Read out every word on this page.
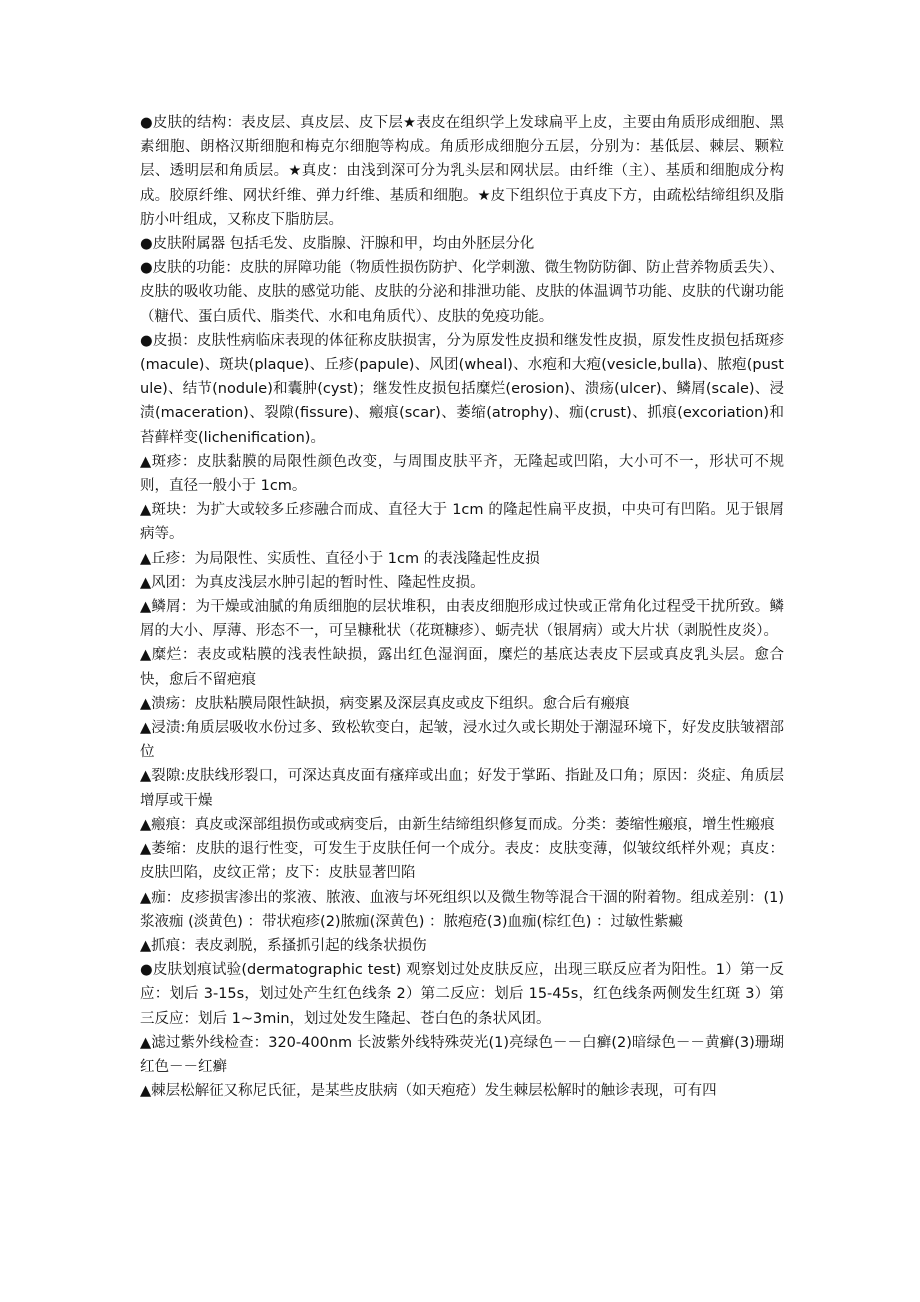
●皮肤的结构：表皮层、真皮层、皮下层★表皮在组织学上发球扁平上皮，主要由角质形成细胞、黑素细胞、朗格汉斯细胞和梅克尔细胞等构成。角质形成细胞分五层，分别为：基低层、棘层、颗粒层、透明层和角质层。★真皮：由浅到深可分为乳头层和网状层。由纤维（主）、基质和细胞成分构成。胶原纤维、网状纤维、弹力纤维、基质和细胞。★皮下组织位于真皮下方，由疏松结缔组织及脂肪小叶组成，又称皮下脂肪层。

●皮肤附属器 包括毛发、皮脂腺、汗腺和甲，均由外胚层分化

●皮肤的功能：皮肤的屏障功能（物质性损伤防护、化学刺激、微生物防防御、防止营养物质丢失）、皮肤的吸收功能、皮肤的感觉功能、皮肤的分泌和排泄功能、皮肤的体温调节功能、皮肤的代谢功能（糖代、蛋白质代、脂类代、水和电角质代）、皮肤的免疫功能。

●皮损：皮肤性病临床表现的体征称皮肤损害，分为原发性皮损和继发性皮损，原发性皮损包括斑疹(macule)、斑块(plaque)、丘疹(papule)、风团(wheal)、水疱和大疱(vesicle,bulla)、脓疱(pustule)、结节(nodule)和囊肿(cyst)；继发性皮损包括糜烂(erosion)、溃疡(ulcer)、鳞屑(scale)、浸渍(maceration)、裂隙(fissure)、瘢痕(scar)、萎缩(atrophy)、痂(crust)、抓痕(excoriation)和苔藓样变(lichenification)。

▲斑疹：皮肤黏膜的局限性颜色改变，与周围皮肤平齐，无隆起或凹陷，大小可不一，形状可不规则，直径一般小于 1cm。

▲斑块：为扩大或较多丘疹融合而成、直径大于 1cm 的隆起性扁平皮损，中央可有凹陷。见于银屑病等。

▲丘疹：为局限性、实质性、直径小于 1cm 的表浅隆起性皮损

▲风团：为真皮浅层水肿引起的暂时性、隆起性皮损。

▲鳞屑：为干燥或油腻的角质细胞的层状堆积，由表皮细胞形成过快或正常角化过程受干扰所致。鳞屑的大小、厚薄、形态不一，可呈糠秕状（花斑糠疹）、蛎壳状（银屑病）或大片状（剥脱性皮炎）。

▲糜烂：表皮或粘膜的浅表性缺损，露出红色湿润面，糜烂的基底达表皮下层或真皮乳头层。愈合快，愈后不留疤痕

▲溃疡：皮肤粘膜局限性缺损，病变累及深层真皮或皮下组织。愈合后有瘢痕

▲浸渍:角质层吸收水份过多、致松软变白，起皱，浸水过久或长期处于潮湿环境下，好发皮肤皱褶部位

▲裂隙:皮肤线形裂口，可深达真皮面有瘙痒或出血；好发于掌跖、指趾及口角；原因：炎症、角质层增厚或干燥

▲瘢痕：真皮或深部组损伤或或病变后，由新生结缔组织修复而成。分类：萎缩性瘢痕，增生性瘢痕

▲萎缩：皮肤的退行性变，可发生于皮肤任何一个成分。表皮：皮肤变薄，似皱纹纸样外观；真皮：皮肤凹陷，皮纹正常；皮下：皮肤显著凹陷

▲痂：皮疹损害渗出的浆液、脓液、血液与坏死组织以及微生物等混合干涸的附着物。组成差别：(1)浆液痂 (淡黄色) ：带状疱疹(2)脓痂(深黄色) ：脓疱疮(3)血痂(棕红色) ：过敏性紫癜

▲抓痕：表皮剥脱，系搔抓引起的线条状损伤

●皮肤划痕试验(dermatographic test) 观察划过处皮肤反应，出现三联反应者为阳性。1）第一反应：划后 3-15s，划过处产生红色线条 2）第二反应：划后 15-45s，红色线条两侧发生红斑 3）第三反应：划后 1~3min，划过处发生隆起、苍白色的条状风团。

▲滤过紫外线检查：320-400nm 长波紫外线特殊荧光(1)亮绿色－－白癣(2)暗绿色－－黄癣(3)珊瑚红色－－红癣

▲棘层松解征又称尼氏征，是某些皮肤病（如天疱疮）发生棘层松解时的触诊表现，可有四
